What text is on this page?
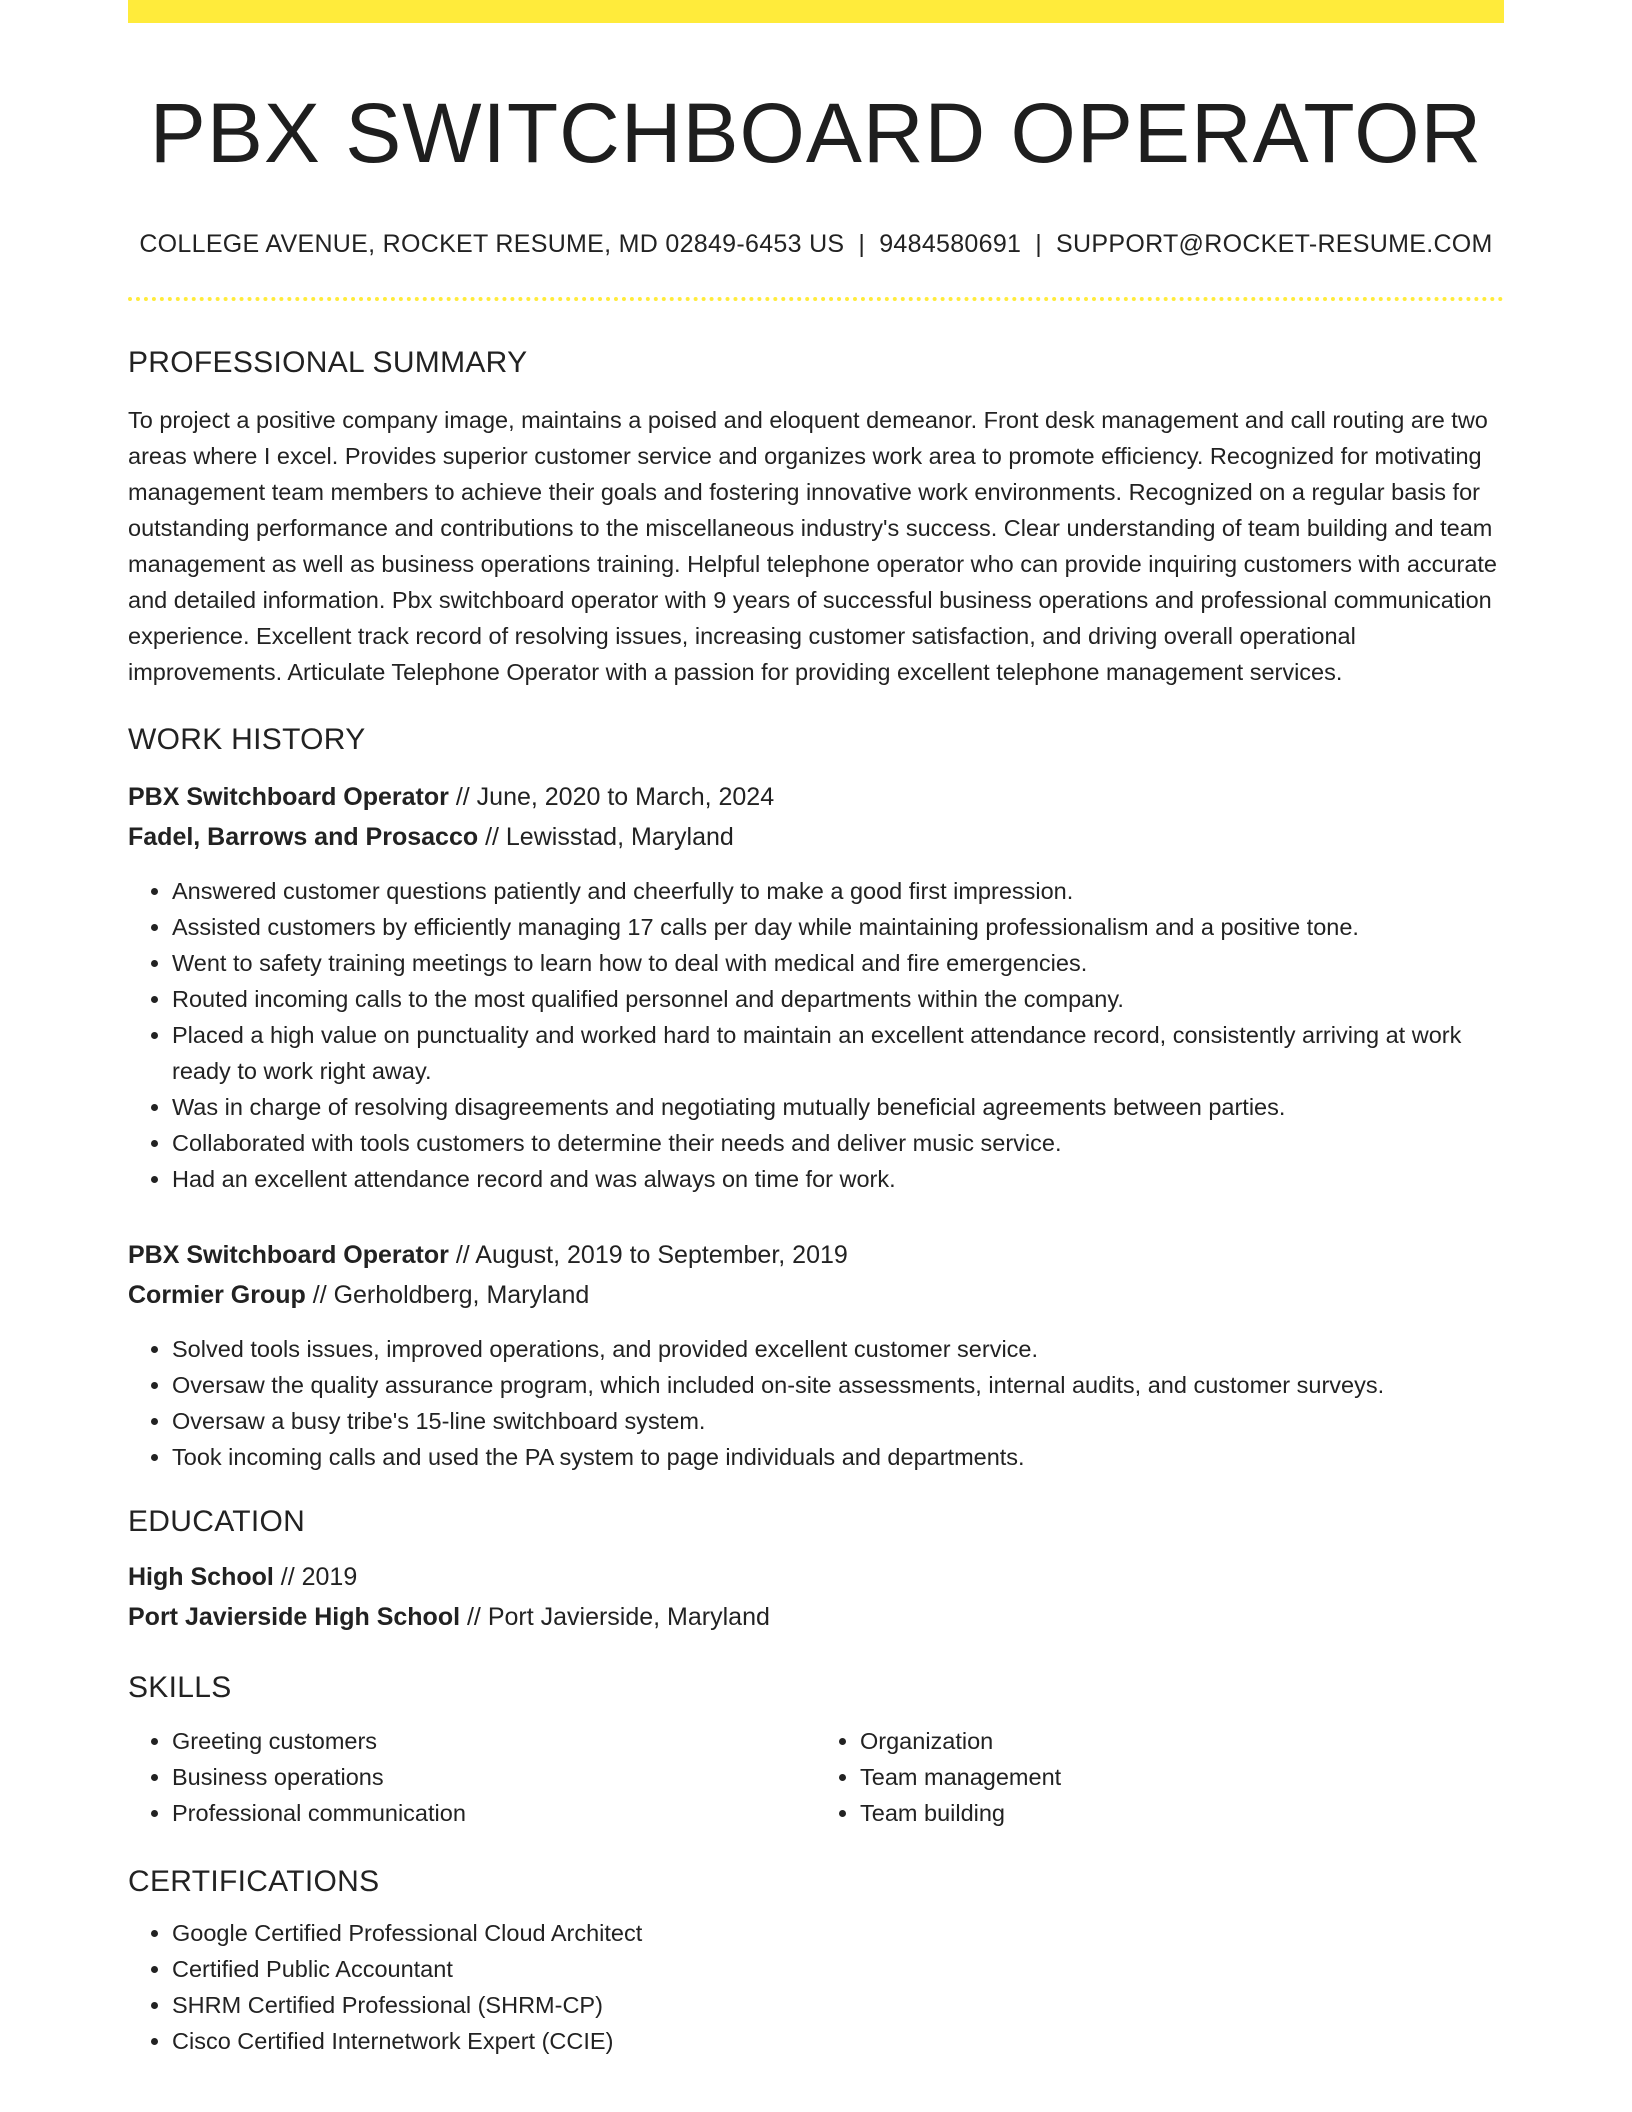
PBX SWITCHBOARD OPERATOR
COLLEGE AVENUE, ROCKET RESUME, MD 02849-6453 US | 9484580691 | SUPPORT@ROCKET-RESUME.COM
PROFESSIONAL SUMMARY
To project a positive company image, maintains a poised and eloquent demeanor. Front desk management and call routing are two areas where I excel. Provides superior customer service and organizes work area to promote efficiency. Recognized for motivating management team members to achieve their goals and fostering innovative work environments. Recognized on a regular basis for outstanding performance and contributions to the miscellaneous industry's success. Clear understanding of team building and team management as well as business operations training. Helpful telephone operator who can provide inquiring customers with accurate and detailed information. Pbx switchboard operator with 9 years of successful business operations and professional communication experience. Excellent track record of resolving issues, increasing customer satisfaction, and driving overall operational improvements. Articulate Telephone Operator with a passion for providing excellent telephone management services.
WORK HISTORY
PBX Switchboard Operator // June, 2020 to March, 2024
Fadel, Barrows and Prosacco // Lewisstad, Maryland
• Answered customer questions patiently and cheerfully to make a good first impression.
• Assisted customers by efficiently managing 17 calls per day while maintaining professionalism and a positive tone.
• Went to safety training meetings to learn how to deal with medical and fire emergencies.
• Routed incoming calls to the most qualified personnel and departments within the company.
• Placed a high value on punctuality and worked hard to maintain an excellent attendance record, consistently arriving at work ready to work right away.
• Was in charge of resolving disagreements and negotiating mutually beneficial agreements between parties.
• Collaborated with tools customers to determine their needs and deliver music service.
• Had an excellent attendance record and was always on time for work.
PBX Switchboard Operator // August, 2019 to September, 2019
Cormier Group // Gerholdberg, Maryland
• Solved tools issues, improved operations, and provided excellent customer service.
• Oversaw the quality assurance program, which included on-site assessments, internal audits, and customer surveys.
• Oversaw a busy tribe's 15-line switchboard system.
• Took incoming calls and used the PA system to page individuals and departments.
EDUCATION
High School // 2019
Port Javierside High School // Port Javierside, Maryland
SKILLS
• Greeting customers
• Business operations
• Professional communication
• Organization
• Team management
• Team building
CERTIFICATIONS
• Google Certified Professional Cloud Architect
• Certified Public Accountant
• SHRM Certified Professional (SHRM-CP)
• Cisco Certified Internetwork Expert (CCIE)
